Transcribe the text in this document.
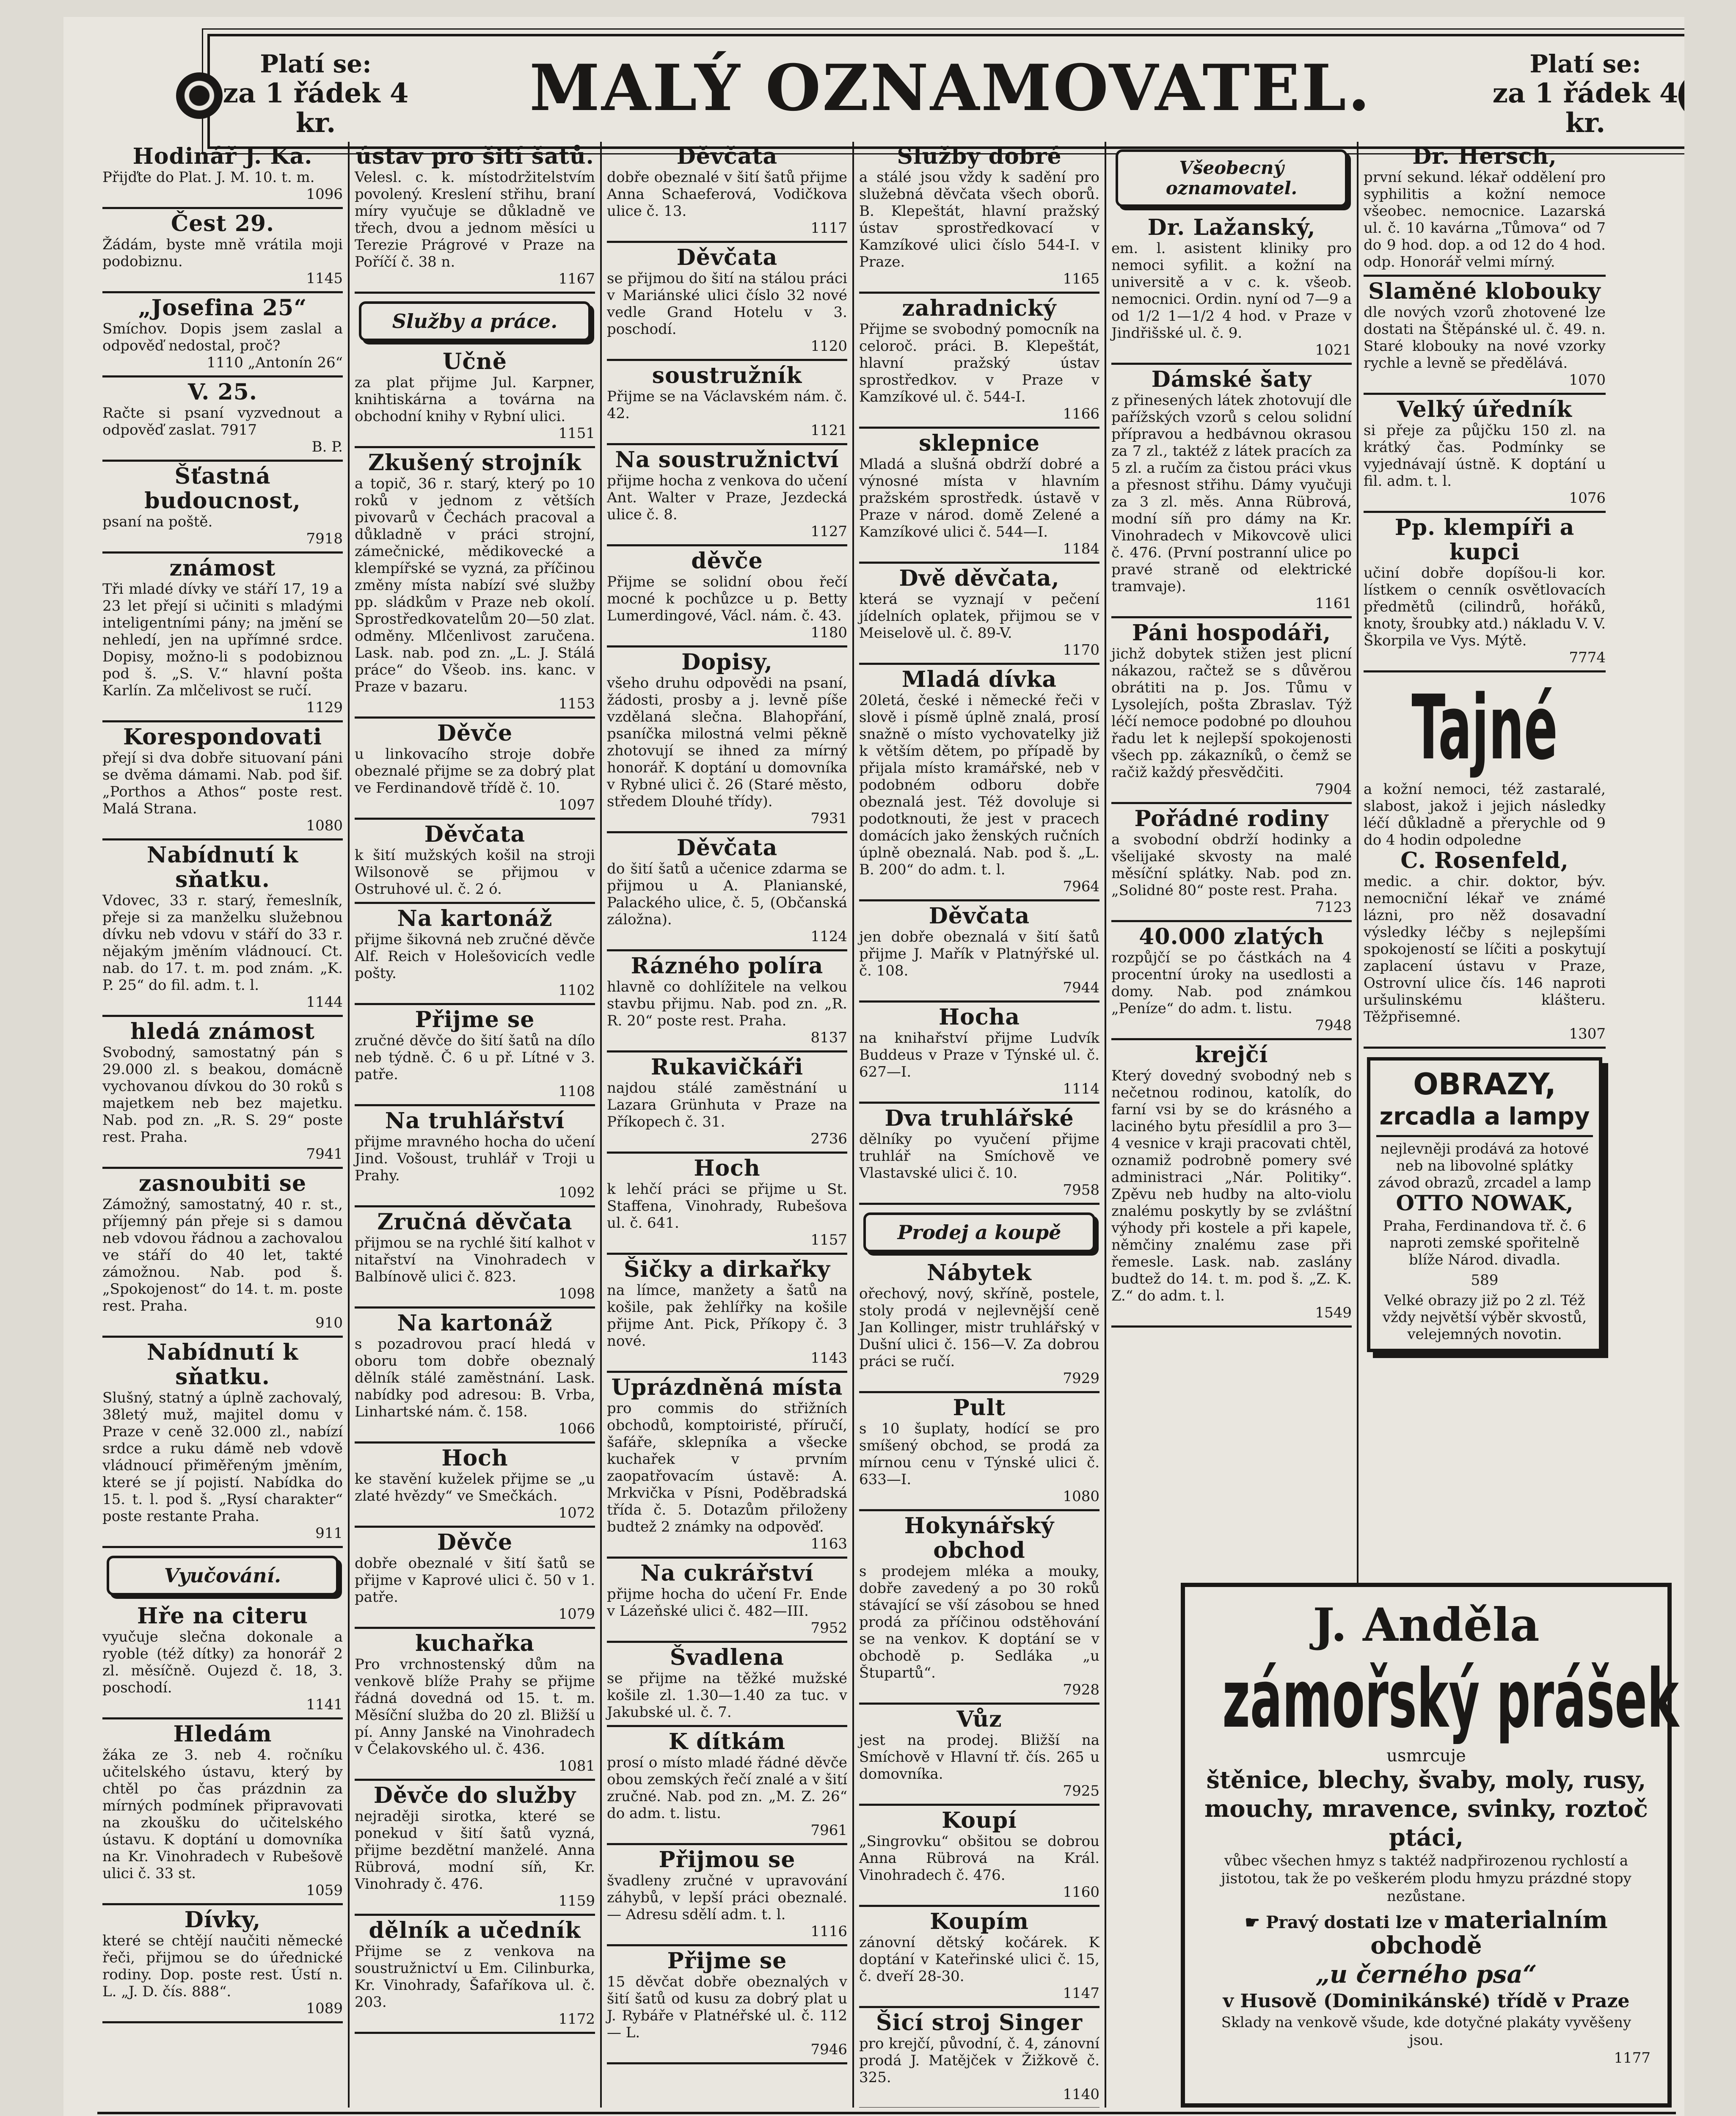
Platí se:
za 1 řádek 4 kr.	MALÝ OZNAMOVATEL.	Platí se:
za 1 řádek 4 kr.
Hodinář J. Ka.
Přijďte do Plat. J. M. 10. t. m.
1096
Čest 29.
Žádám, byste mně vrátila moji podobiznu.
1145
„Josefina 25“
Smíchov. Dopis jsem zaslal a odpověď nedostal, proč?
1110 „Antonín 26“
V. 25.
Račte si psaní vyzvednout a odpověď zaslat. 7917
B. P.
Šťastná budoucnost,
psaní na poště.
7918
známost
Tři mladé dívky ve stáří 17, 19 a 23 let přejí si učiniti s mladými inteligentními pány; na jmění se nehledí, jen na upřímné srdce. Dopisy, možno-li s podobiznou pod š. „S. V.“ hlavní pošta Karlín. Za mlčelivost se ručí.
1129
Korespondovati
přejí si dva dobře situovaní páni se dvěma dámami. Nab. pod šif. „Porthos a Athos“ poste rest. Malá Strana.
1080
Nabídnutí k sňatku.
Vdovec, 33 r. starý, řemeslník, přeje si za manželku služebnou dívku neb vdovu v stáří do 33 r. nějakým jměním vládnoucí. Ct. nab. do 17. t. m. pod znám. „K. P. 25“ do fil. adm. t. l.
1144
hledá známost
Svobodný, samostatný pán s 29.000 zl. s beakou, domácně vychovanou dívkou do 30 roků s majetkem neb bez majetku. Nab. pod zn. „R. S. 29“ poste rest. Praha.
7941
zasnoubiti se
Zámožný, samostatný, 40 r. st., příjemný pán přeje si s damou neb vdovou řádnou a zachovalou ve stáří do 40 let, takté zámožnou. Nab. pod š. „Spokojenost“ do 14. t. m. poste rest. Praha.
910
Nabídnutí k sňatku.
Slušný, statný a úplně zachovalý, 38letý muž, majitel domu v Praze v ceně 32.000 zl., nabízí srdce a ruku dámě neb vdově vládnoucí přiměřeným jměním, které se jí pojistí. Nabídka do 15. t. l. pod š. „Rysí charakter“ poste restante Praha.
911
Vyučování.
Hře na citeru
vyučuje slečna dokonale a ryoble (též dítky) za honorář 2 zl. měsíčně. Oujezd č. 18, 3. poschodí.
1141
Hledám
žáka ze 3. neb 4. ročníku učitelského ústavu, který by chtěl po čas prázdnin za mírných podmínek připravovati na zkoušku do učitelského ústavu. K doptání u domovníka na Kr. Vinohradech v Rubešově ulici č. 33 st.
1059
Dívky,
které se chtějí naučiti německé řeči, přijmou se do úřednické rodiny. Dop. poste rest. Ústí n. L. „J. D. čís. 888“.
1089
ústav pro šití šatů.
Velesl. c. k. místodržitelstvím povolený. Kreslení střihu, braní míry vyučuje se důkladně ve třech, dvou a jednom měsíci u Terezie Prágrové v Praze na Poříčí č. 38 n.
1167
Služby a práce.
Učně
za plat přijme Jul. Karpner, knihtiskárna a továrna na obchodní knihy v Rybní ulici.
1151
Zkušený strojník
a topič, 36 r. starý, který po 10 roků v jednom z větších pivovarů v Čechách pracoval a důkladně v práci strojní, zámečnické, mědikovecké a klempířské se vyzná, za příčinou změny místa nabízí své služby pp. sládkům v Praze neb okolí. Sprostředkovatelům 20—50 zlat. odměny. Mlčenlivost zaručena. Lask. nab. pod zn. „L. J. Stálá práce“ do Všeob. ins. kanc. v Praze v bazaru.
1153
Děvče
u linkovacího stroje dobře obeznalé přijme se za dobrý plat ve Ferdinandově třídě č. 10.
1097
Děvčata
k šití mužských košil na stroji Wilsonově se přijmou v Ostruhové ul. č. 2 ó.
Na kartonáž
přijme šikovná neb zručné děvče Alf. Reich v Holešovicích vedle pošty.
1102
Přijme se
zručné děvče do šití šatů na dílo neb týdně. Č. 6 u př. Lítné v 3. patře.
1108
Na truhlářství
přijme mravného hocha do učení Jind. Vošoust, truhlář v Troji u Prahy.
1092
Zručná děvčata
přijmou se na rychlé šití kalhot v nitařství na Vinohradech v Balbínově ulici č. 823.
1098
Na kartonáž
s pozadrovou prací hledá v oboru tom dobře obeznalý dělník stálé zaměstnání. Lask. nabídky pod adresou: B. Vrba, Linhartské nám. č. 158.
1066
Hoch
ke stavění kuželek přijme se „u zlaté hvězdy“ ve Smečkách.
1072
Děvče
dobře obeznalé v šití šatů se přijme v Kaprové ulici č. 50 v 1. patře.
1079
kuchařka
Pro vrchnostenský dům na venkově blíže Prahy se přijme řádná dovedná od 15. t. m. Měsíční služba do 20 zl. Bližší u pí. Anny Janské na Vinohradech v Čelakovského ul. č. 436.
1081
Děvče do služby
nejraději sirotka, které se ponekud v šití šatů vyzná, přijme bezdětní manželé. Anna Rübrová, modní síň, Kr. Vinohrady č. 476.
1159
dělník a učedník
Přijme se z venkova na soustružnictví u Em. Cilinburka, Kr. Vinohrady, Šafaříkova ul. č. 203.
1172
Děvčata
dobře obeznalé v šití šatů přijme Anna Schaeferová, Vodičkova ulice č. 13.
1117
Děvčata
se přijmou do šití na stálou práci v Mariánské ulici číslo 32 nové vedle Grand Hotelu v 3. poschodí.
1120
soustružník
Přijme se na Václavském nám. č. 42.
1121
Na soustružnictví
přijme hocha z venkova do učení Ant. Walter v Praze, Jezdecká ulice č. 8.
1127
děvče
Přijme se solidní obou řečí mocné k pochůzce u p. Betty Lumerdingové, Václ. nám. č. 43.
1180
Dopisy,
všeho druhu odpovědi na psaní, žádosti, prosby a j. levně píše vzdělaná slečna. Blahopřání, psaníčka milostná velmi pěkně zhotovují se ihned za mírný honorář. K doptání u domovníka v Rybné ulici č. 26 (Staré město, středem Dlouhé třídy).
7931
Děvčata
do šití šatů a učenice zdarma se přijmou u A. Planianské, Palackého ulice, č. 5, (Občanská záložna).
1124
Rázného políra
hlavně co dohlížitele na velkou stavbu přijmu. Nab. pod zn. „R. R. 20“ poste rest. Praha.
8137
Rukavičkáři
najdou stálé zaměstnání u Lazara Grünhuta v Praze na Příkopech č. 31.
2736
Hoch
k lehčí práci se přijme u St. Staffena, Vinohrady, Rubešova ul. č. 641.
1157
Šičky a dirkařky
na límce, manžety a šatů na košile, pak žehlířky na košile přijme Ant. Pick, Příkopy č. 3 nové.
1143
Uprázdněná místa
pro commis do střižních obchodů, komptoiristé, příručí, šafáře, sklepníka a všecke kuchařek v prvním zaopatřovacím ústavě: A. Mrkvička v Písni, Poděbradská třída č. 5. Dotazům přiloženy budtež 2 známky na odpověď.
1163
Na cukrářství
přijme hocha do učení Fr. Ende v Lázeňské ulici č. 482—III.
7952
Švadlena
se přijme na těžké mužské košile zl. 1.30—1.40 za tuc. v Jakubské ul. č. 7.
K dítkám
prosí o místo mladé řádné děvče obou zemských řečí znalé a v šití zručné. Nab. pod zn. „M. Z. 26“ do adm. t. listu.
7961
Přijmou se
švadleny zručné v upravování záhybů, v lepší práci obeznalé. — Adresu sdělí adm. t. l.
1116
Přijme se
15 děvčat dobře obeznalých v šití šatů od kusu za dobrý plat u J. Rybáře v Platnéřské ul. č. 112 — L.
7946
Služby dobré
a stálé jsou vždy k sadění pro služebná děvčata všech oborů. B. Klepeštát, hlavní pražský ústav sprostředkovací v Kamzíkové ulici číslo 544-I. v Praze.
1165
zahradnický
Přijme se svobodný pomocník na celoroč. práci. B. Klepeštát, hlavní pražský ústav sprostředkov. v Praze v Kamzíkové ul. č. 544-I.
1166
sklepnice
Mladá a slušná obdrží dobré a výnosné místa v hlavním pražském sprostředk. ústavě v Praze v národ. domě Zelené a Kamzíkové ulici č. 544—I.
1184
Dvě děvčata,
která se vyznají v pečení jídelních oplatek, přijmou se v Meiselově ul. č. 89-V.
1170
Mladá dívka
20letá, české i německé řeči v slově i písmě úplně znalá, prosí snažně o místo vychovatelky již k větším dětem, po případě by přijala místo kramářské, neb v podobném odboru dobře obeznalá jest. Též dovoluje si podotknouti, že jest v pracech domácích jako ženských ručních úplně obeznalá. Nab. pod š. „L. B. 200“ do adm. t. l.
7964
Děvčata
jen dobře obeznalá v šití šatů přijme J. Mařík v Platnýřské ul. č. 108.
7944
Hocha
na knihařství přijme Ludvík Buddeus v Praze v Týnské ul. č. 627—I.
1114
Dva truhlářské
dělníky po vyučení přijme truhlář na Smíchově ve Vlastavské ulici č. 10.
7958
Prodej a koupě
Nábytek
ořechový, nový, skříně, postele, stoly prodá v nejlevnější ceně Jan Kollinger, mistr truhlářský v Dušní ulici č. 156—V. Za dobrou práci se ručí.
7929
Pult
s 10 šuplaty, hodící se pro smíšený obchod, se prodá za mírnou cenu v Týnské ulici č. 633—I.
1080
Hokynářský obchod
s prodejem mléka a mouky, dobře zavedený a po 30 roků stávající se vší zásobou se hned prodá za příčinou odstěhování se na venkov. K doptání se v obchodě p. Sedláka „u Štupartů“.
7928
Vůz
jest na prodej. Bližší na Smíchově v Hlavní tř. čís. 265 u domovníka.
7925
Koupí
„Singrovku“ obšitou se dobrou Anna Rübrová na Král. Vinohradech č. 476.
1160
Koupím
zánovní dětský kočárek. K doptání v Kateřinské ulici č. 15, č. dveří 28-30.
1147
Šicí stroj Singer
pro krejčí, původní, č. 4, zánovní prodá J. Matějček v Žižkově č. 325.
1140
Všeobecný oznamovatel.
Dr. Lažanský,
em. l. asistent kliniky pro nemoci syfilit. a kožní na universitě a v c. k. všeob. nemocnici. Ordin. nyní od 7—9 a od 1/2 1—1/2 4 hod. v Praze v Jindřišské ul. č. 9.
1021
Dámské šaty
z přinesených látek zhotovují dle pařížských vzorů s celou solidní přípravou a hedbávnou okrasou za 7 zl., taktéž z látek pracích za 5 zl. a ručím za čistou práci vkus a přesnost střihu. Dámy vyučuji za 3 zl. měs. Anna Rübrová, modní síň pro dámy na Kr. Vinohradech v Mikovcově ulici č. 476. (První postranní ulice po pravé straně od elektrické tramvaje).
1161
Páni hospodáři,
jichž dobytek stižen jest plicní nákazou, račtež se s důvěrou obrátiti na p. Jos. Tůmu v Lysolejích, pošta Zbraslav. Týž léčí nemoce podobné po dlouhou řadu let k nejlepší spokojenosti všech pp. zákazníků, o čemž se račiž každý přesvědčiti.
7904
Pořádné rodiny
a svobodní obdrží hodinky a všelijaké skvosty na malé měsíční splátky. Nab. pod zn. „Solidné 80“ poste rest. Praha.
7123
40.000 zlatých
rozpůjčí se po částkách na 4 procentní úroky na usedlosti a domy. Nab. pod známkou „Peníze“ do adm. t. listu.
7948
krejčí
Který dovedný svobodný neb s nečetnou rodinou, katolík, do farní vsi by se do krásného a laciného bytu přesídlil a pro 3—4 vesnice v kraji pracovati chtěl, oznamiž podrobně pomery své administraci „Nár. Politiky“. Zpěvu neb hudby na alto-violu znalému poskytly by se zvláštní výhody při kostele a při kapele, němčiny znalému zase při řemesle. Lask. nab. zaslány budtež do 14. t. m. pod š. „Z. K. Z.“ do adm. t. l.
1549
Dr. Hersch,
první sekund. lékař oddělení pro syphilitis a kožní nemoce všeobec. nemocnice. Lazarská ul. č. 10 kavárna „Tůmova“ od 7 do 9 hod. dop. a od 12 do 4 hod. odp. Honorář velmi mírný.
Slaměné klobouky
dle nových vzorů zhotovené lze dostati na Štěpánské ul. č. 49. n. Staré klobouky na nové vzorky rychle a levně se předělává.
1070
Velký úředník
si přeje za půjčku 150 zl. na krátký čas. Podmínky se vyjednávají ústně. K doptání u fil. adm. t. l.
1076
Pp. klempíři a kupci
učiní dobře dopíšou-li kor. lístkem o cenník osvětlovacích předmětů (cilindrů, hořáků, knoty, šroubky atd.) nákladu V. V. Škorpila ve Vys. Mýtě.
7774
Tajné
a kožní nemoci, též zastaralé, slabost, jakož i jejich následky léčí důkladně a přerychle od 9 do 4 hodin odpoledne
C. Rosenfeld,
medic. a chir. doktor, býv. nemocniční lékař ve známé lázni, pro něž dosavadní výsledky léčby s nejlepšími spokojeností se líčiti a poskytují zaplacení ústavu v Praze, Ostrovní ulice čís. 146 naproti uršulinskému klášteru. Těžpřisemné.
1307
OBRAZY,
zrcadla a lampy
nejlevněji prodává za hotové neb na libovolné splátky závod obrazů, zrcadel a lamp
OTTO NOWAK,
Praha, Ferdinandova tř. č. 6 naproti zemské spořitelně blíže Národ. divadla.
589
Velké obrazy již po 2 zl. Též vždy největší výběr skvostů, velejemných novotin.
J. Anděla
zámořský prášek
usmrcuje
štěnice, blechy, švaby, moly, rusy, mouchy, mravence, svinky, roztoč ptáci,
vůbec všechen hmyz s taktéž nadpřirozenou rychlostí a jistotou, tak že po veškerém plodu hmyzu prázdné stopy nezůstane.
☛ Pravý dostati lze v materialním obchodě
„u černého psa“
v Husově (Dominikánské) třídě v Praze
Sklady na venkově všude, kde dotyčné plakáty vyvěšeny jsou.
1177
